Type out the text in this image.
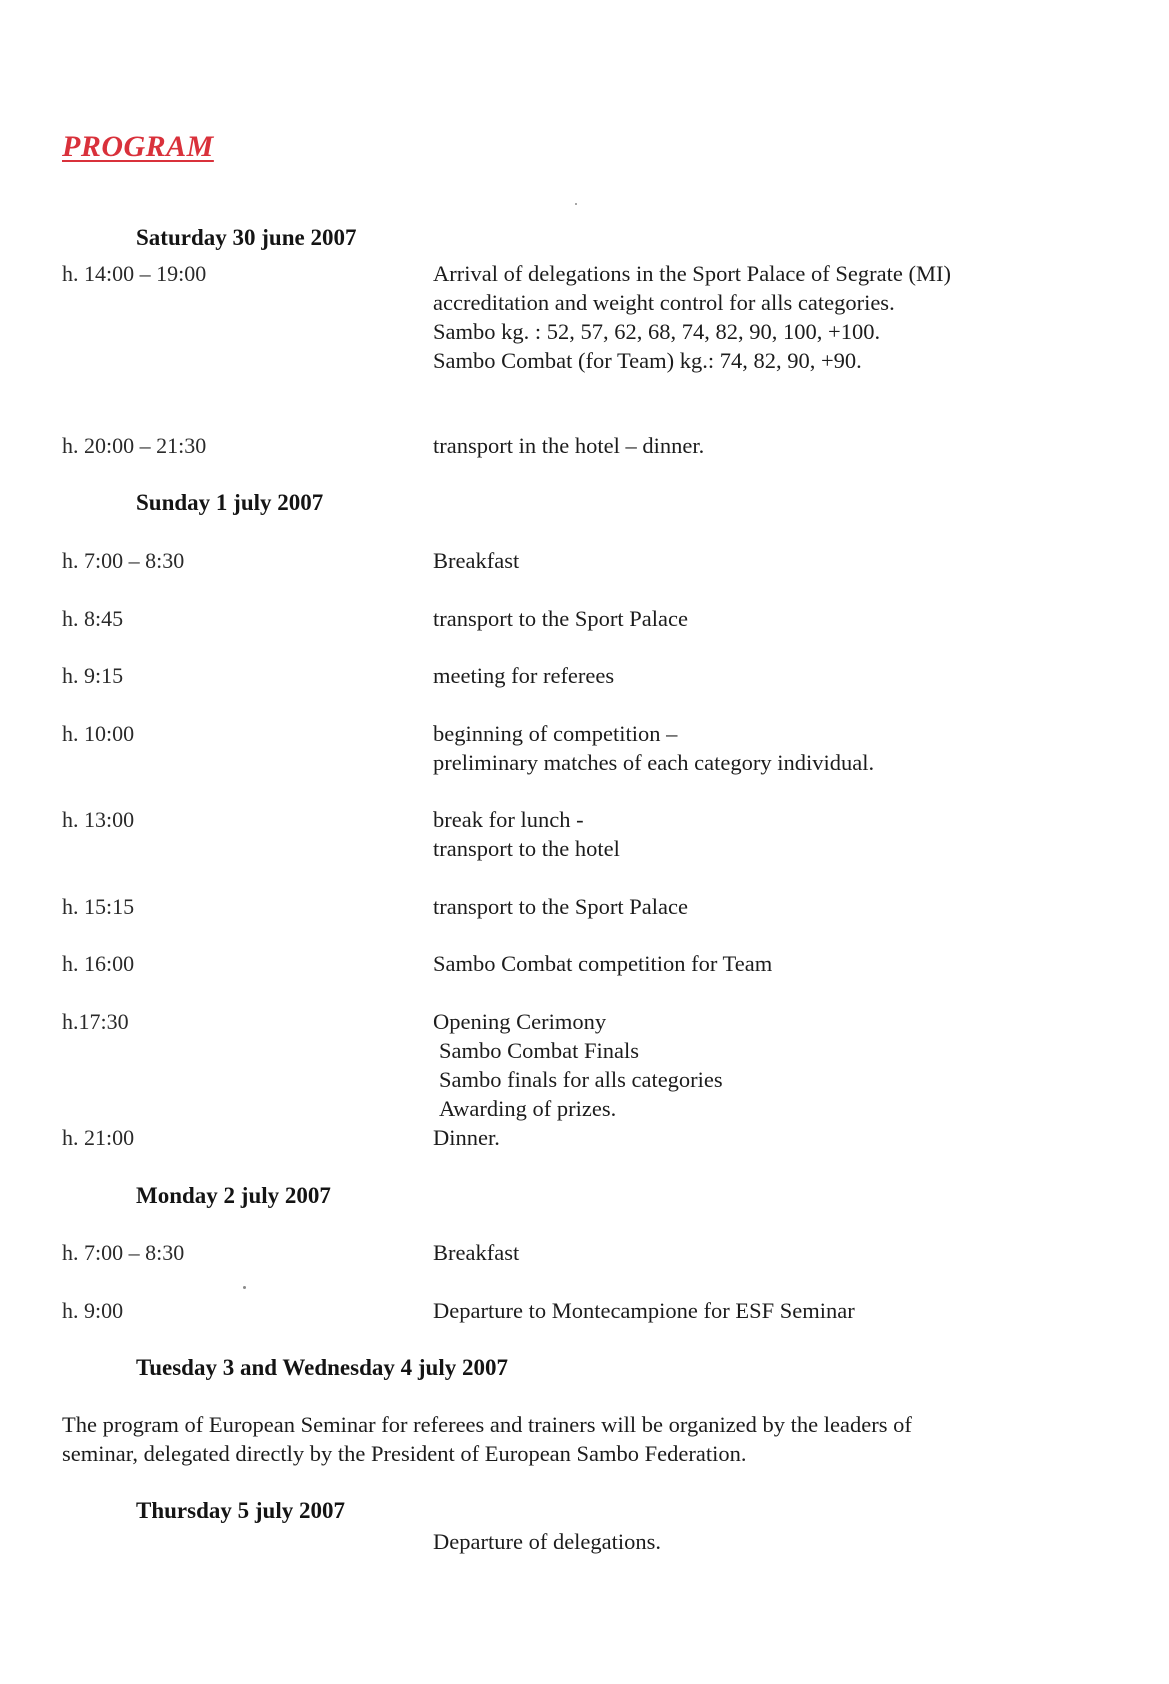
PROGRAM
Saturday 30 june 2007
h. 14:00 – 19:00	Arrival of delegations in the Sport Palace of Segrate (MI)
accreditation and weight control for alls categories.
Sambo kg. : 52, 57, 62, 68, 74, 82, 90, 100, +100.
Sambo Combat (for Team) kg.: 74, 82, 90, +90.
h. 20:00 – 21:30	transport in the hotel – dinner.
Sunday 1 july 2007
h. 7:00 – 8:30	Breakfast
h. 8:45	transport to the Sport Palace
h. 9:15	meeting for referees
h. 10:00	beginning of competition –
preliminary matches of each category individual.
h. 13:00	break for lunch -
transport to the hotel
h. 15:15	transport to the Sport Palace
h. 16:00	Sambo Combat competition for Team
h.17:30	Opening Cerimony
Sambo Combat Finals
Sambo finals for alls categories
Awarding of prizes.
h. 21:00	Dinner.
Monday 2 july 2007
h. 7:00 – 8:30	Breakfast
h. 9:00	Departure to Montecampione for ESF Seminar
Tuesday 3 and Wednesday 4 july 2007
The program of European Seminar for referees and trainers will be organized by the leaders of
seminar, delegated directly by the President of European Sambo Federation.
Thursday 5 july 2007
Departure of delegations.
